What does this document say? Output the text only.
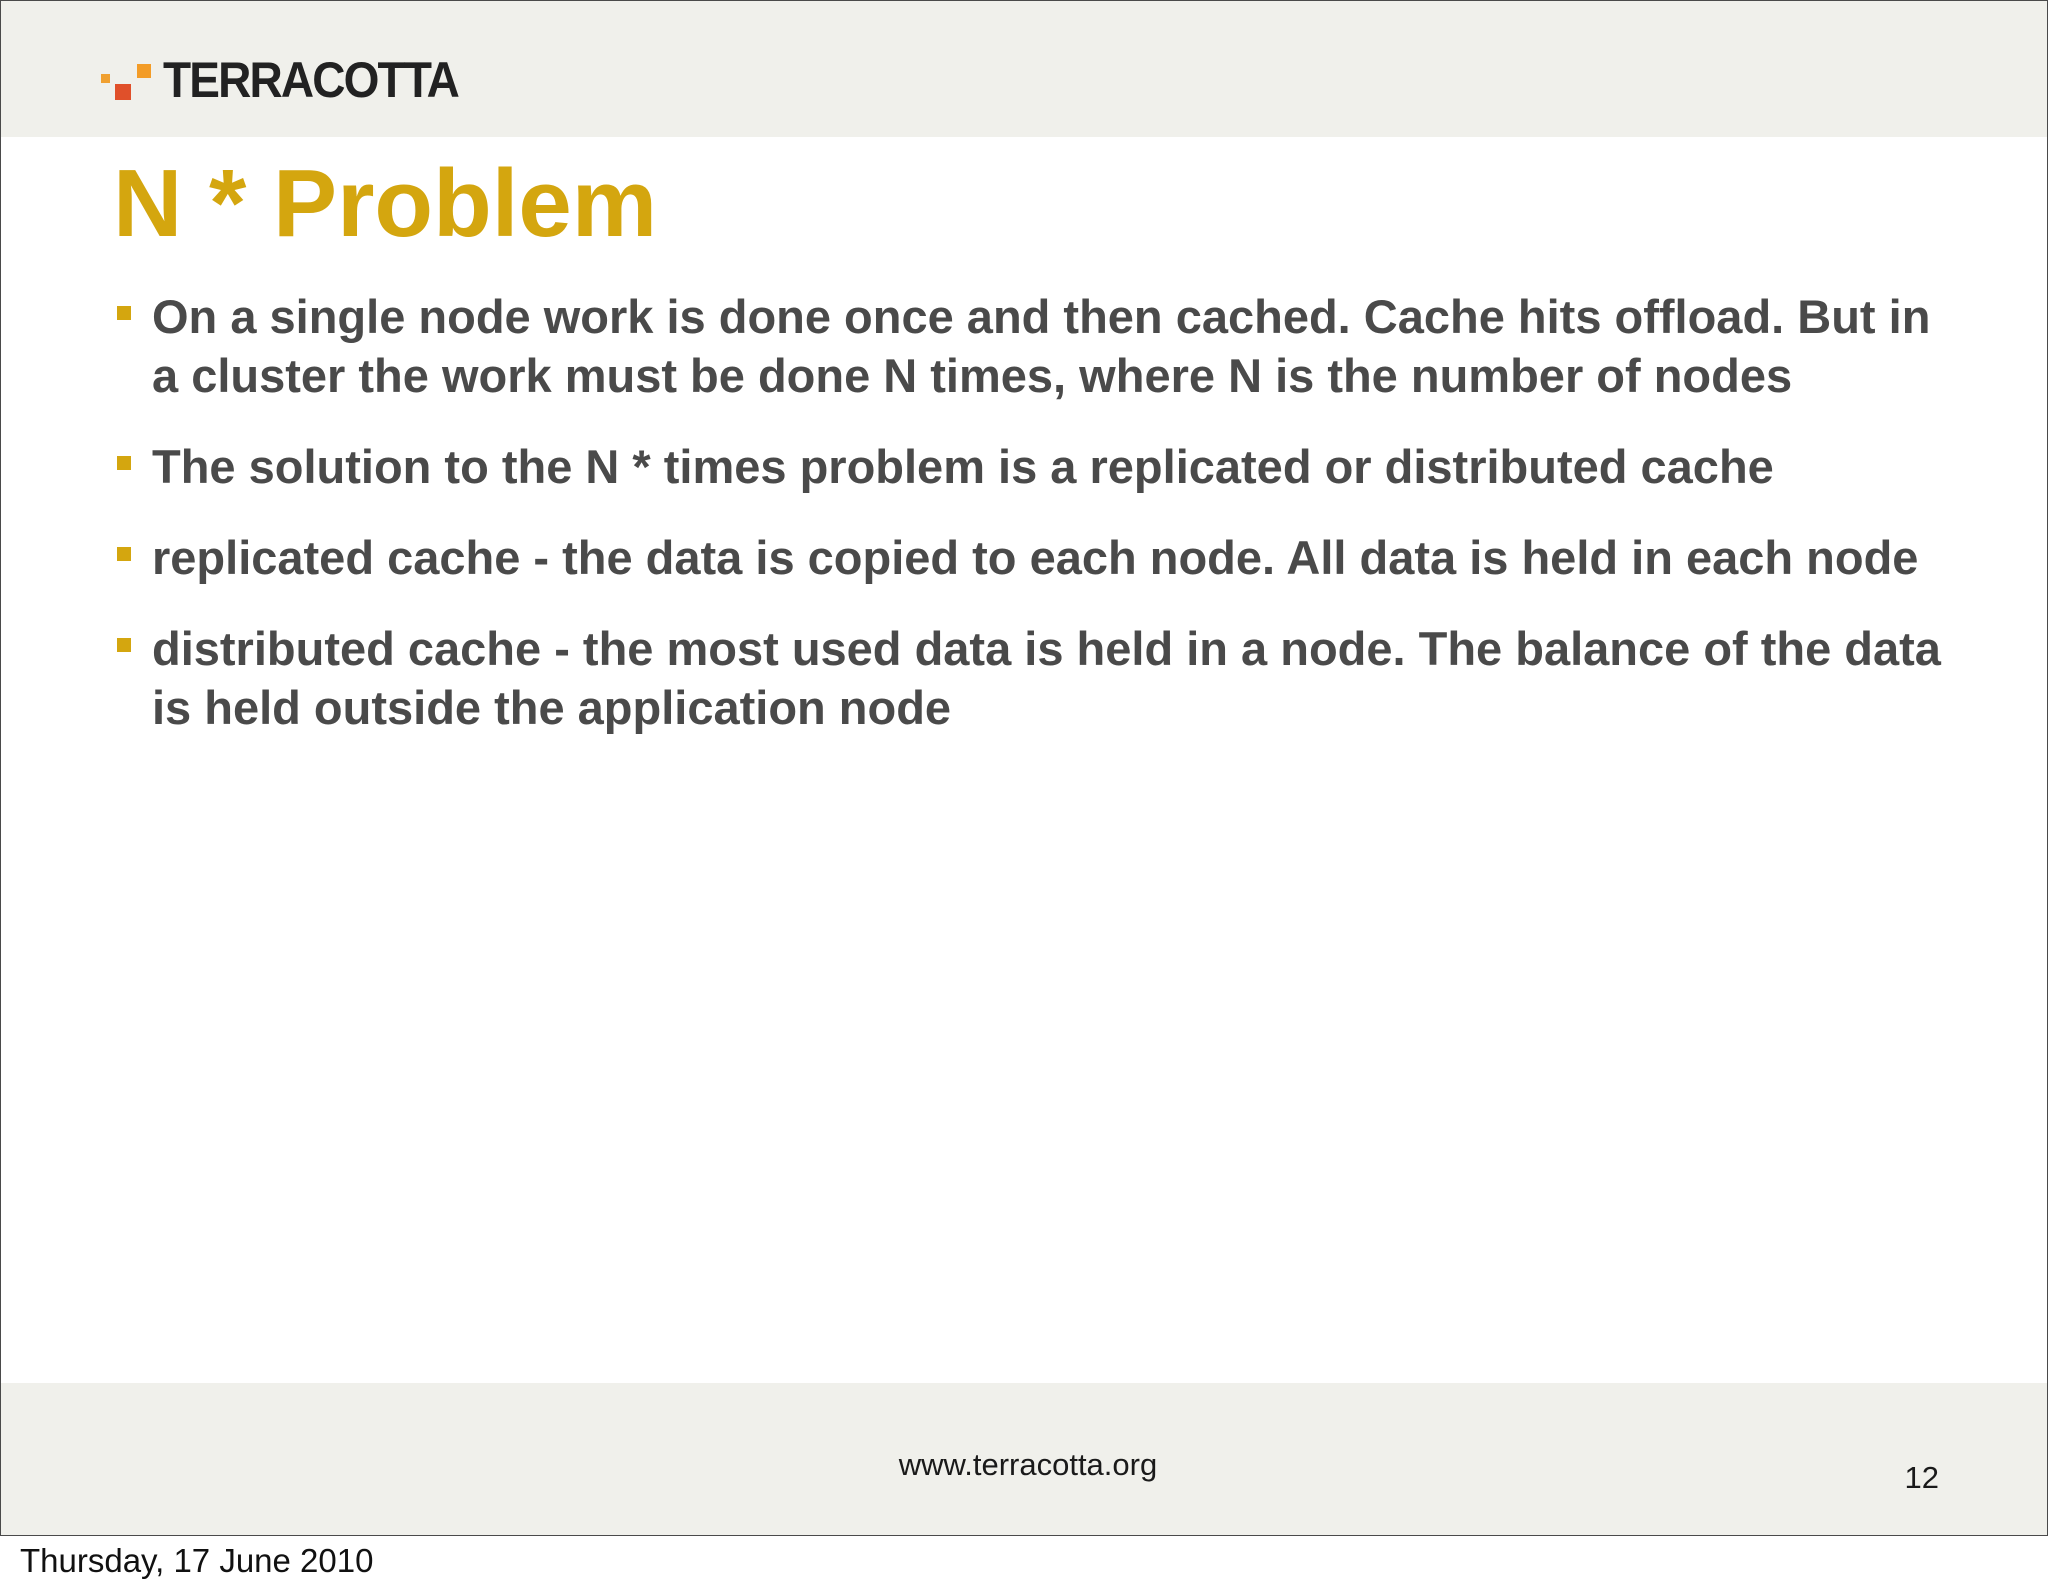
TERRACOTTA
N * Problem
On a single node work is done once and then cached. Cache hits offload. But in a cluster the work must be done N times, where N is the number of nodes
The solution to the N * times problem is a replicated or distributed cache
replicated cache - the data is copied to each node. All data is held in each node
distributed cache - the most used data is held in a node. The balance of the data is held outside the application node
www.terracotta.org	12
Thursday, 17 June 2010
